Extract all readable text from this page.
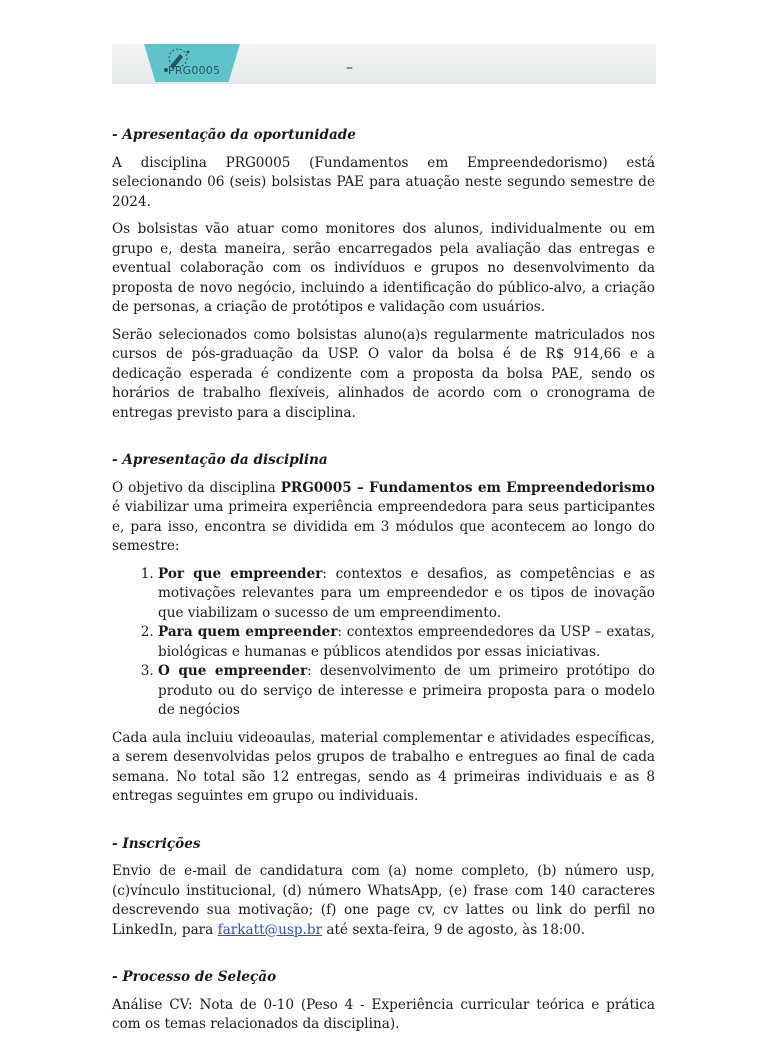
PRG0005	–
- Apresentação da oportunidade

A disciplina PRG0005 (Fundamentos em Empreendedorismo) está selecionando 06 (seis) bolsistas PAE para atuação neste segundo semestre de 2024.

Os bolsistas vão atuar como monitores dos alunos, individualmente ou em grupo e, desta maneira, serão encarregados pela avaliação das entregas e eventual colaboração com os indivíduos e grupos no desenvolvimento da proposta de novo negócio, incluindo a identificação do público-alvo, a criação de personas, a criação de protótipos e validação com usuários.

Serão selecionados como bolsistas aluno(a)s regularmente matriculados nos cursos de pós-graduação da USP. O valor da bolsa é de R$ 914,66 e a dedicação esperada é condizente com a proposta da bolsa PAE, sendo os horários de trabalho flexíveis, alinhados de acordo com o cronograma de entregas previsto para a disciplina.

- Apresentação da disciplina

O objetivo da disciplina PRG0005 – Fundamentos em Empreendedorismo é viabilizar uma primeira experiência empreendedora para seus participantes e, para isso, encontra se dividida em 3 módulos que acontecem ao longo do semestre:

1. Por que empreender: contextos e desafios, as competências e as motivações relevantes para um empreendedor e os tipos de inovação que viabilizam o sucesso de um empreendimento.
2. Para quem empreender: contextos empreendedores da USP – exatas, biológicas e humanas e públicos atendidos por essas iniciativas.
3. O que empreender: desenvolvimento de um primeiro protótipo do produto ou do serviço de interesse e primeira proposta para o modelo de negócios

Cada aula incluiu videoaulas, material complementar e atividades específicas, a serem desenvolvidas pelos grupos de trabalho e entregues ao final de cada semana. No total são 12 entregas, sendo as 4 primeiras individuais e as 8 entregas seguintes em grupo ou individuais.

- Inscrições

Envio de e-mail de candidatura com (a) nome completo, (b) número usp, (c)vínculo institucional, (d) número WhatsApp, (e) frase com 140 caracteres descrevendo sua motivação; (f) one page cv, cv lattes ou link do perfil no LinkedIn, para farkatt@usp.br até sexta-feira, 9 de agosto, às 18:00.

- Processo de Seleção

Análise CV: Nota de 0-10 (Peso 4 - Experiência curricular teórica e prática com os temas relacionados da disciplina).
